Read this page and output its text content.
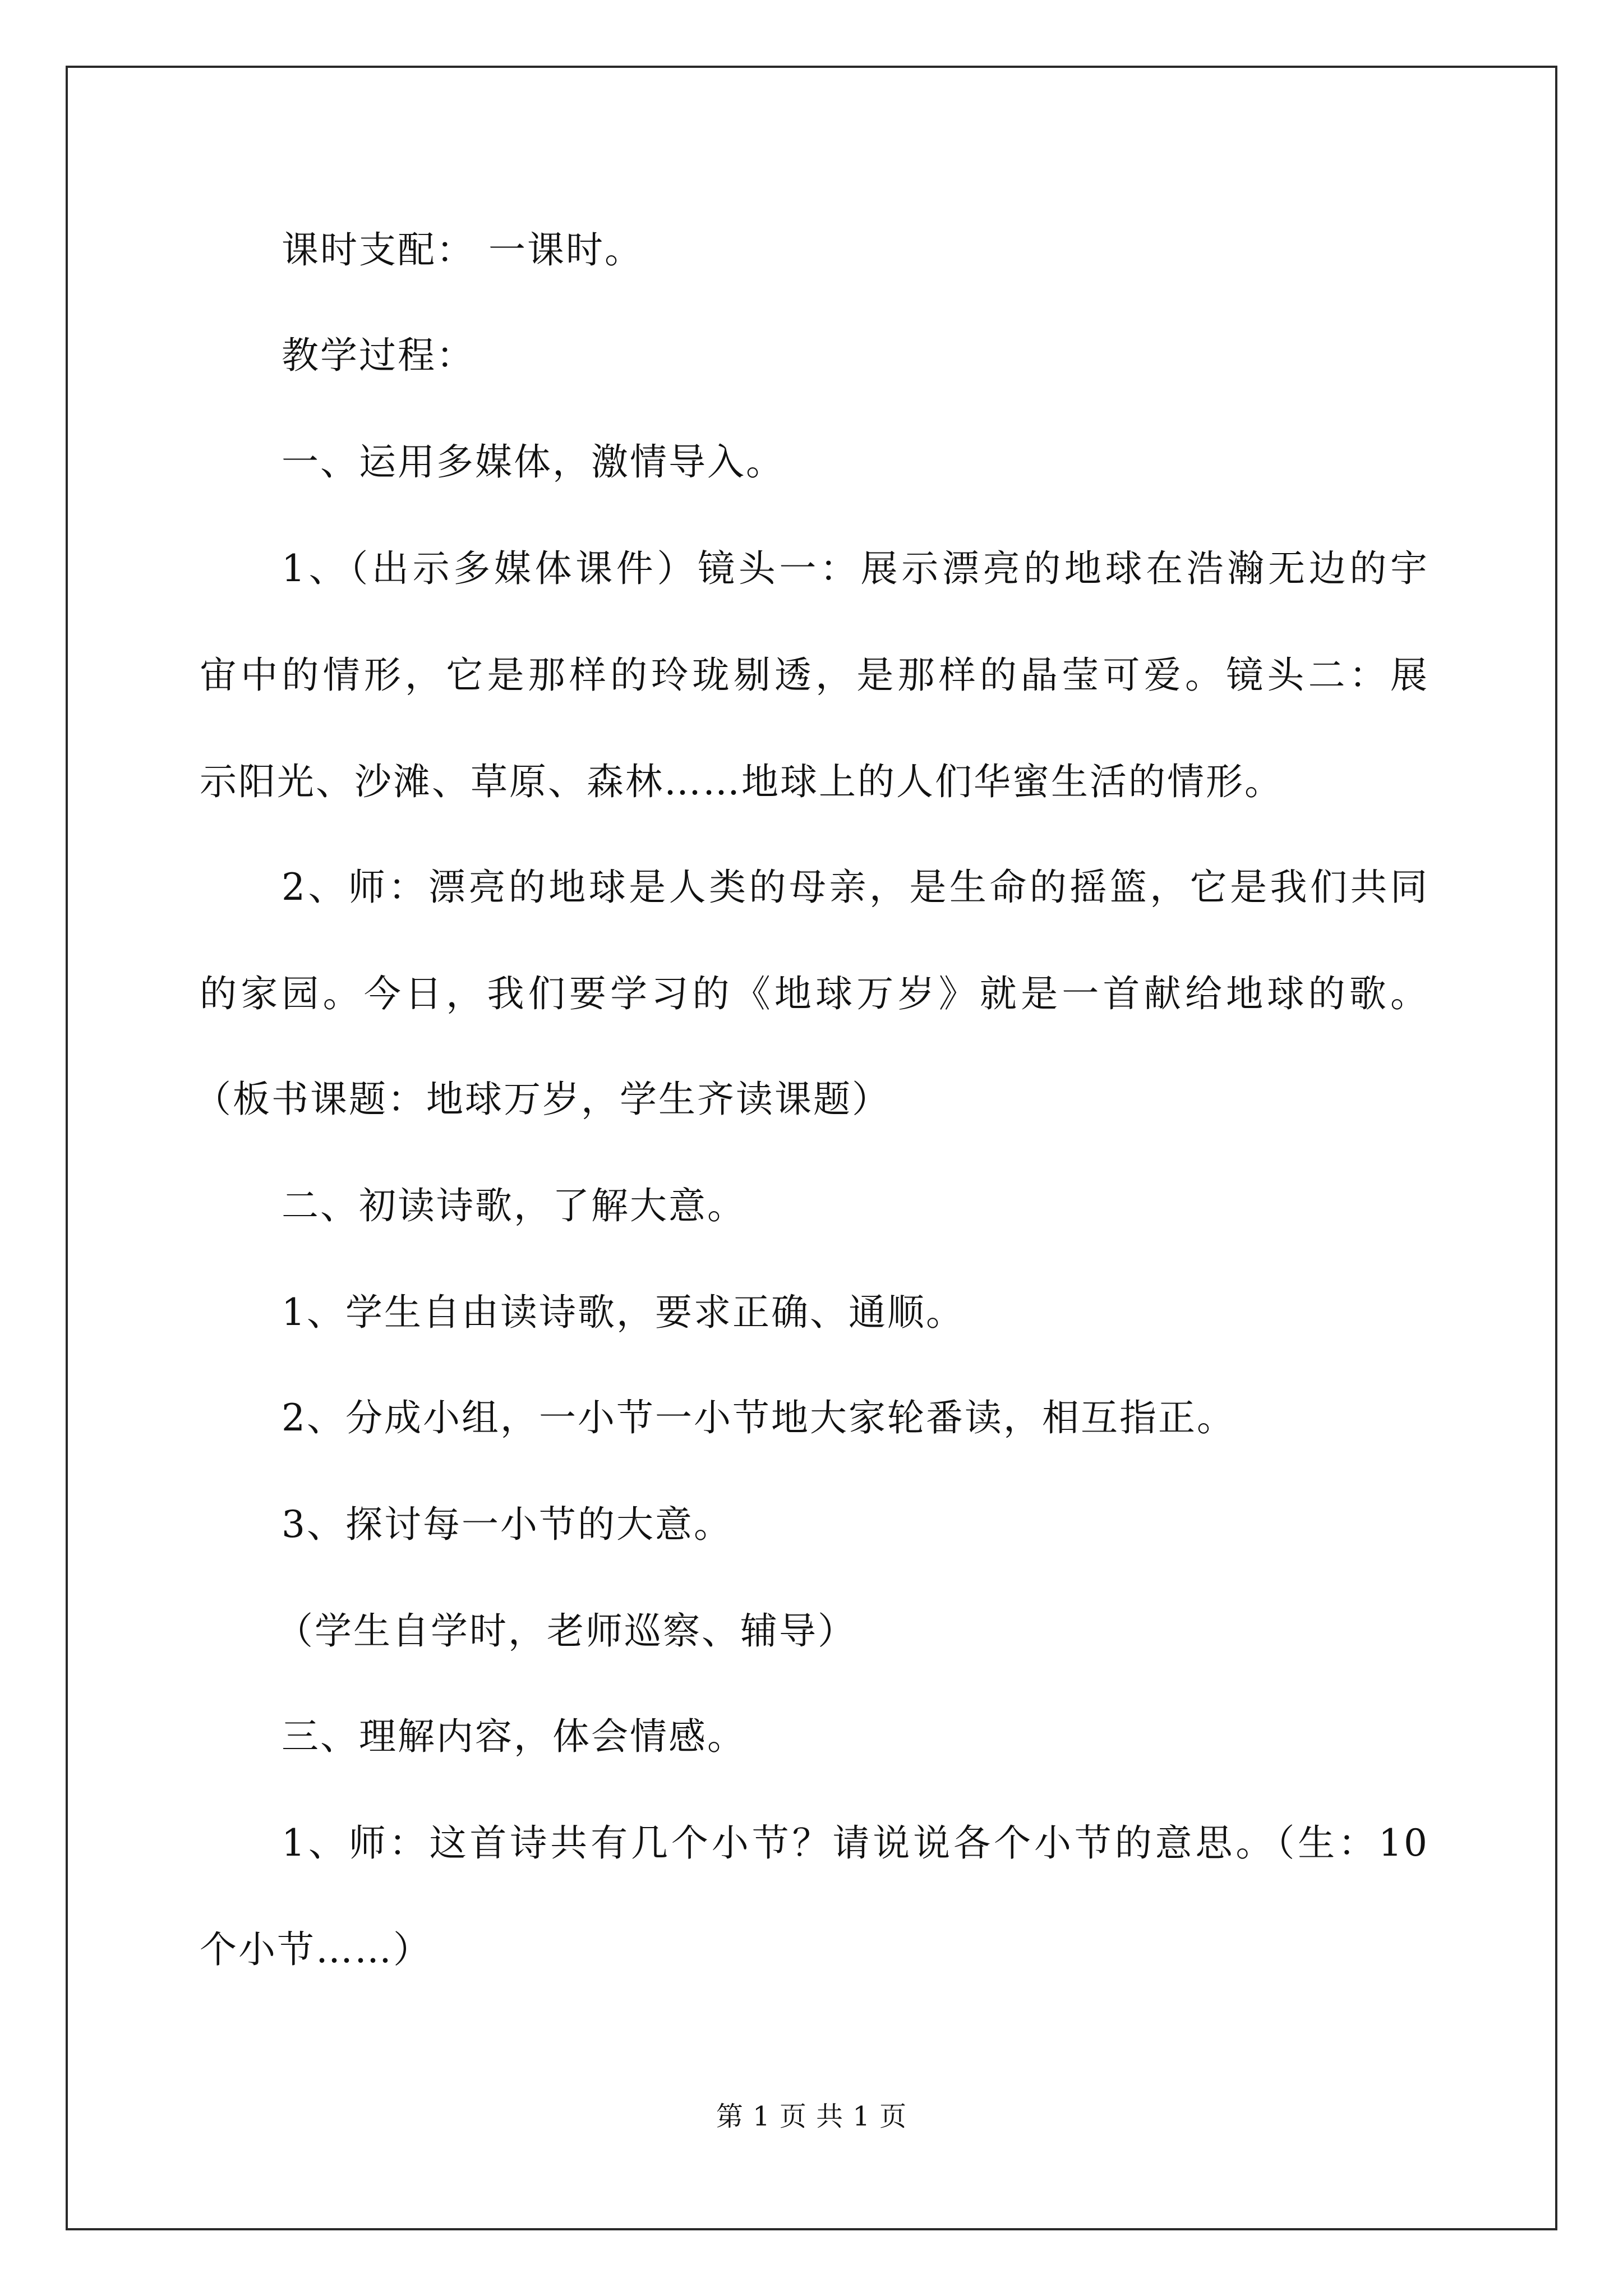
课时支配： 一课时。
教学过程：
一、运用多媒体，激情导入。
1、（出示多媒体课件）镜头一：展示漂亮的地球在浩瀚无边的宇
宙中的情形，它是那样的玲珑剔透，是那样的晶莹可爱。镜头二：展
示阳光、沙滩、草原、森林……地球上的人们华蜜生活的情形。
2、师：漂亮的地球是人类的母亲，是生命的摇篮，它是我们共同
的家园。今日，我们要学习的《地球万岁》就是一首献给地球的歌。
（板书课题：地球万岁，学生齐读课题）
二、初读诗歌，了解大意。
1、学生自由读诗歌，要求正确、通顺。
2、分成小组，一小节一小节地大家轮番读，相互指正。
3、探讨每一小节的大意。
（学生自学时，老师巡察、辅导）
三、理解内容，体会情感。
1、师：这首诗共有几个小节？请说说各个小节的意思。（生：10
个小节……）
第 1 页 共 1 页
